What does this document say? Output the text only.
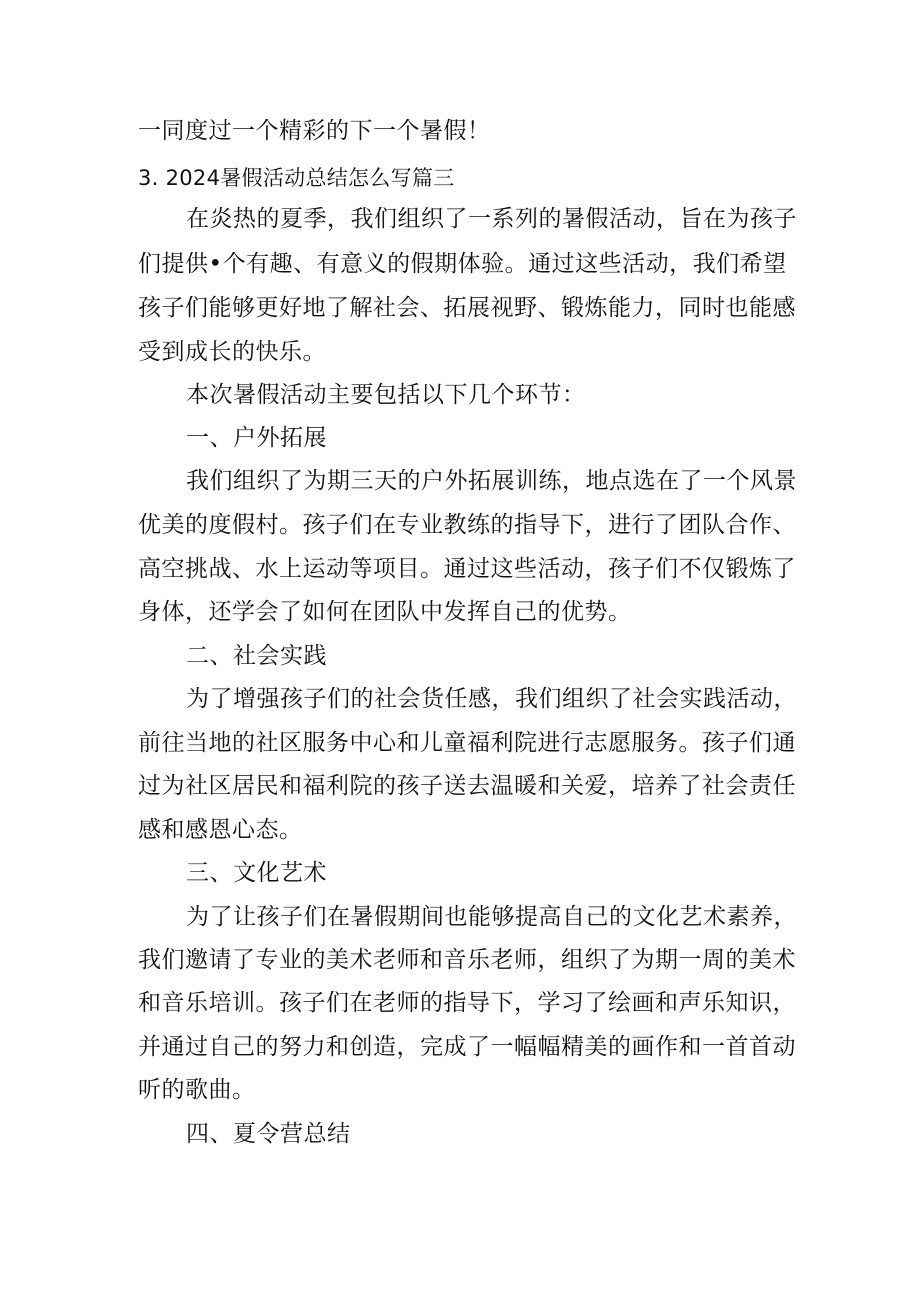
一同度过一个精彩的下一个暑假！
3. 2024暑假活动总结怎么写篇三
在炎热的夏季，我们组织了一系列的暑假活动，旨在为孩子
们提供•个有趣、有意义的假期体验。通过这些活动，我们希望
孩子们能够更好地了解社会、拓展视野、锻炼能力，同时也能感
受到成长的快乐。
本次暑假活动主要包括以下几个环节：
一、户外拓展
我们组织了为期三天的户外拓展训练，地点选在了一个风景
优美的度假村。孩子们在专业教练的指导下，进行了团队合作、
高空挑战、水上运动等项目。通过这些活动，孩子们不仅锻炼了
身体，还学会了如何在团队中发挥自己的优势。
二、社会实践
为了增强孩子们的社会货任感，我们组织了社会实践活动，
前往当地的社区服务中心和儿童福利院进行志愿服务。孩子们通
过为社区居民和福利院的孩子送去温暖和关爱，培养了社会责任
感和感恩心态。
三、文化艺术
为了让孩子们在暑假期间也能够提高自己的文化艺术素养，
我们邀请了专业的美术老师和音乐老师，组织了为期一周的美术
和音乐培训。孩子们在老师的指导下，学习了绘画和声乐知识，
并通过自己的努力和创造，完成了一幅幅精美的画作和一首首动
听的歌曲。
四、夏令营总结
